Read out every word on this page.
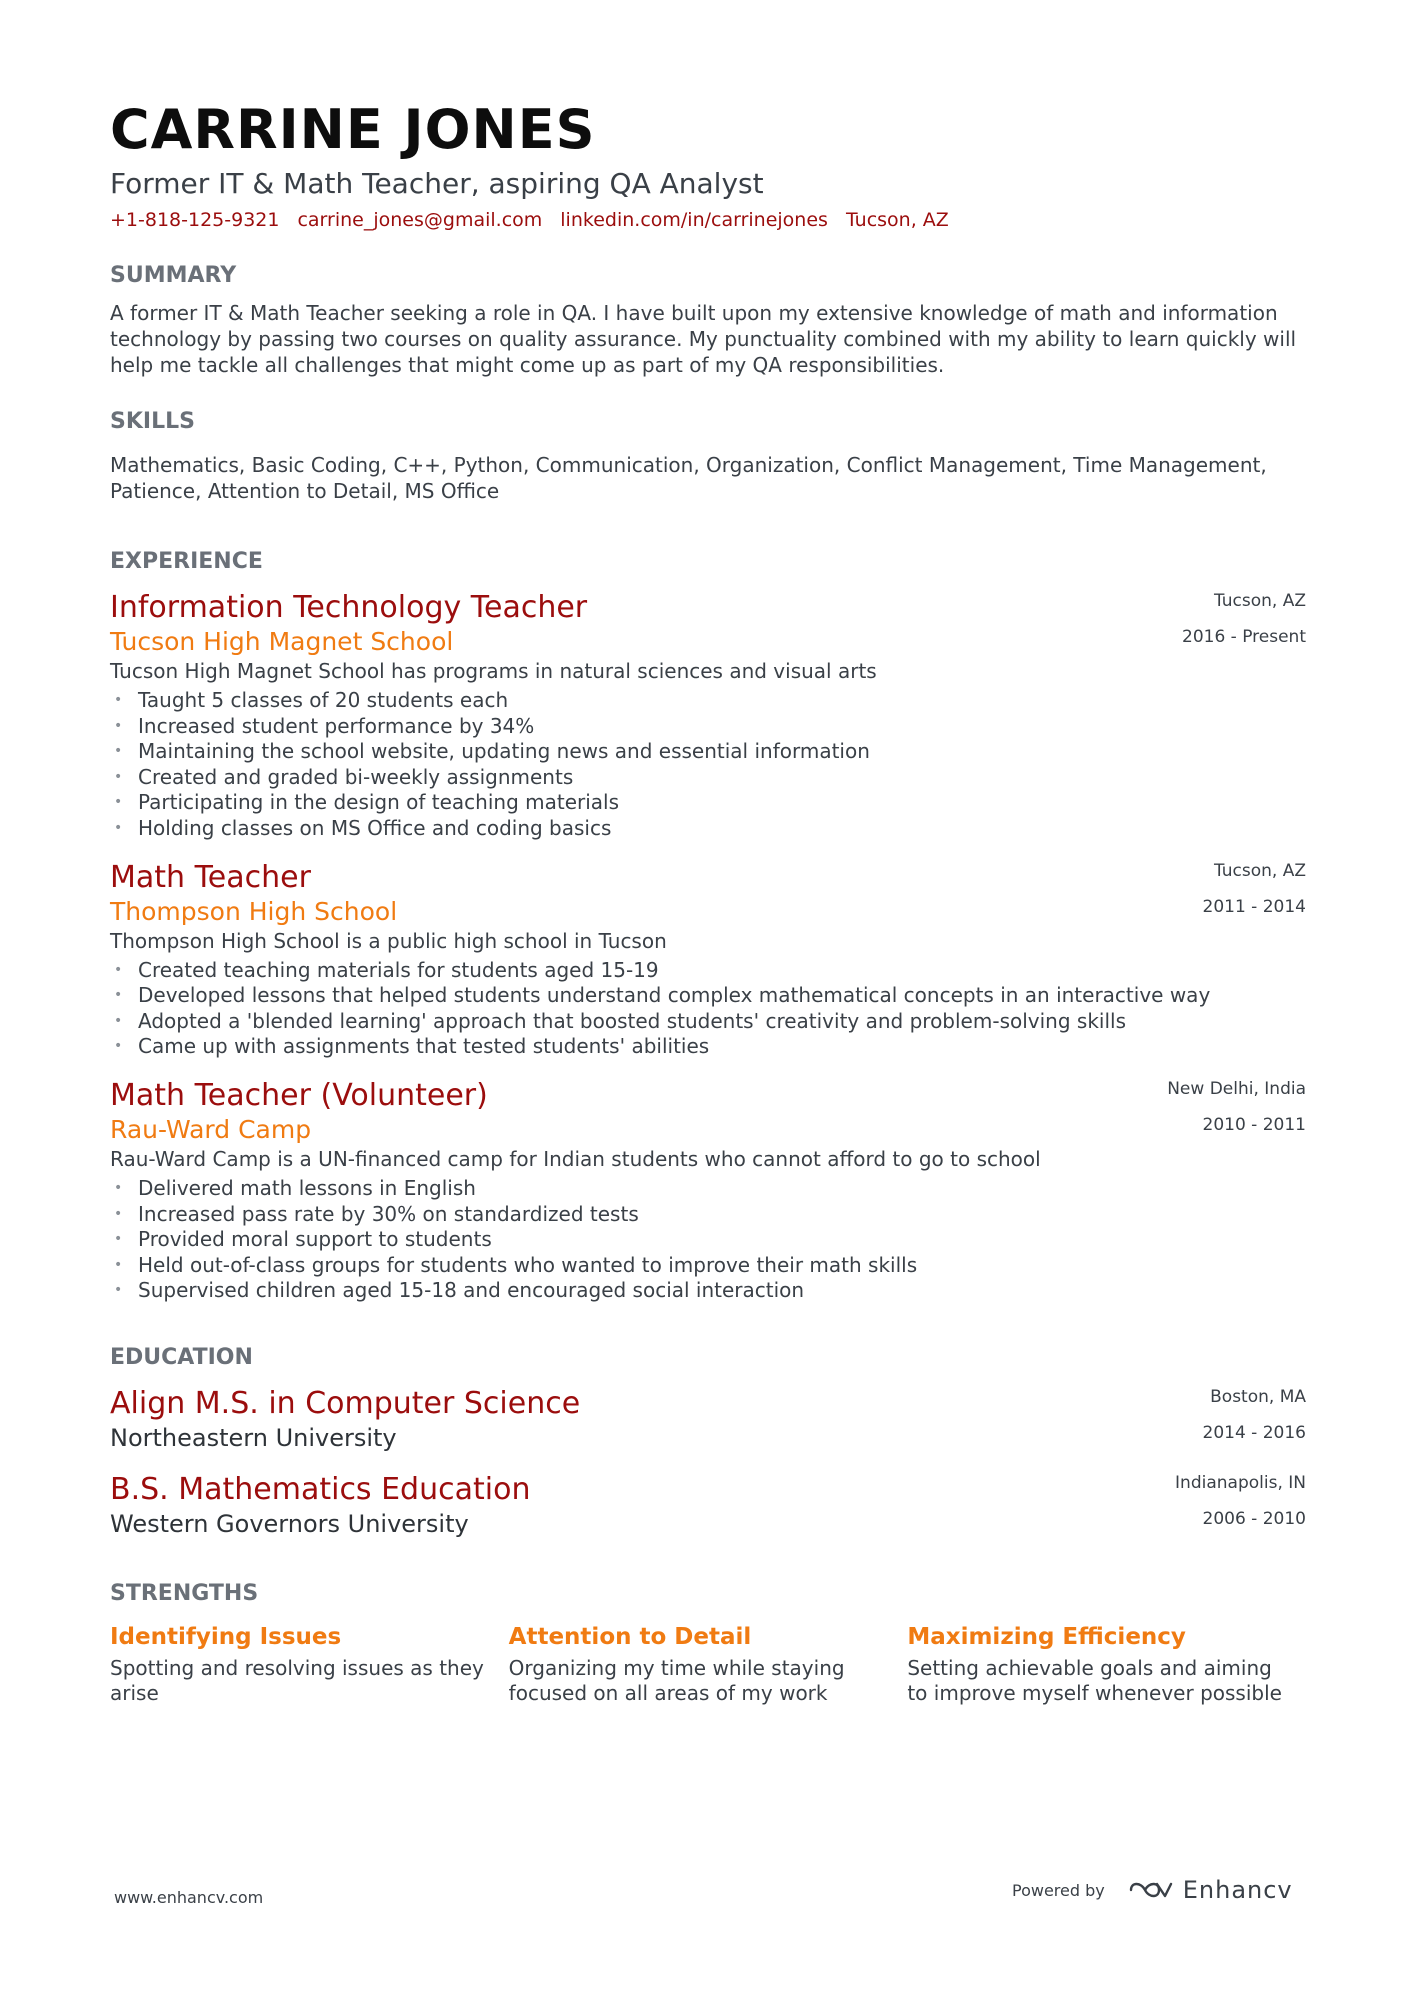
CARRINE JONES
Former IT & Math Teacher, aspiring QA Analyst
+1-818-125-9321 carrine_jones@gmail.com linkedin.com/in/carrinejones Tucson, AZ
SUMMARY
A former IT & Math Teacher seeking a role in QA. I have built upon my extensive knowledge of math and information technology by passing two courses on quality assurance. My punctuality combined with my ability to learn quickly will help me tackle all challenges that might come up as part of my QA responsibilities.
SKILLS
Mathematics, Basic Coding, C++, Python, Communication, Organization, Conflict Management, Time Management, Patience, Attention to Detail, MS Office
EXPERIENCE
Information Technology Teacher
Tucson High Magnet School
Tucson High Magnet School has programs in natural sciences and visual arts
Tucson, AZ
2016 - Present
• Taught 5 classes of 20 students each
• Increased student performance by 34%
• Maintaining the school website, updating news and essential information
• Created and graded bi-weekly assignments
• Participating in the design of teaching materials
• Holding classes on MS Office and coding basics
Math Teacher
Thompson High School
Thompson High School is a public high school in Tucson
Tucson, AZ
2011 - 2014
• Created teaching materials for students aged 15-19
• Developed lessons that helped students understand complex mathematical concepts in an interactive way
• Adopted a 'blended learning' approach that boosted students' creativity and problem-solving skills
• Came up with assignments that tested students' abilities
Math Teacher (Volunteer)
Rau-Ward Camp
Rau-Ward Camp is a UN-financed camp for Indian students who cannot afford to go to school
New Delhi, India
2010 - 2011
• Delivered math lessons in English
• Increased pass rate by 30% on standardized tests
• Provided moral support to students
• Held out-of-class groups for students who wanted to improve their math skills
• Supervised children aged 15-18 and encouraged social interaction
EDUCATION
Align M.S. in Computer Science
Northeastern University
Boston, MA
2014 - 2016
B.S. Mathematics Education
Western Governors University
Indianapolis, IN
2006 - 2010
STRENGTHS
Identifying Issues
Spotting and resolving issues as they arise
Attention to Detail
Organizing my time while staying focused on all areas of my work
Maximizing Efficiency
Setting achievable goals and aiming to improve myself whenever possible
www.enhancv.com	Powered by	Enhancv
